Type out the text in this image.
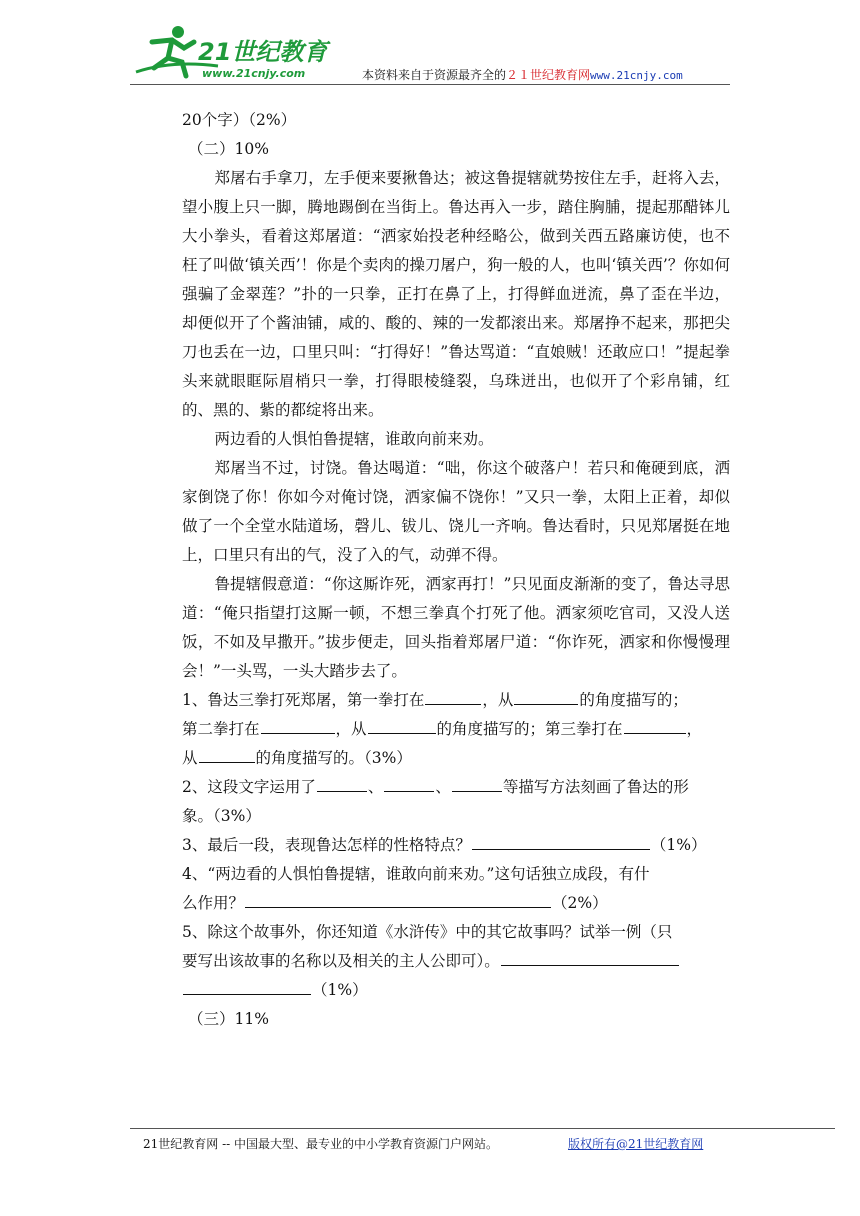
21世纪教育
www.21cnjy.com	本资料来自于资源最齐全的２１世纪教育网www.21cnjy.com
20个字）（2%）
（二）10%
郑屠右手拿刀，左手便来要揪鲁达；被这鲁提辖就势按住左手，赶将入去，望小腹上只一脚，腾地踢倒在当街上。鲁达再入一步，踏住胸脯，提起那醋钵儿大小拳头，看着这郑屠道：“洒家始投老种经略公，做到关西五路廉访使，也不枉了叫做‘镇关西’！你是个卖肉的操刀屠户，狗一般的人，也叫‘镇关西’？你如何强骗了金翠莲？”扑的一只拳，正打在鼻了上，打得鲜血迸流，鼻了歪在半边，却便似开了个酱油铺，咸的、酸的、辣的一发都滚出来。郑屠挣不起来，那把尖刀也丢在一边，口里只叫：“打得好！”鲁达骂道：“直娘贼！还敢应口！”提起拳头来就眼眶际眉梢只一拳，打得眼棱缝裂，乌珠迸出，也似开了个彩帛铺，红的、黑的、紫的都绽将出来。
两边看的人惧怕鲁提辖，谁敢向前来劝。
郑屠当不过，讨饶。鲁达喝道：“咄，你这个破落户！若只和俺硬到底，洒家倒饶了你！你如今对俺讨饶，洒家偏不饶你！”又只一拳，太阳上正着，却似做了一个全堂水陆道场，磬儿、钹儿、饶儿一齐响。鲁达看时，只见郑屠挺在地上，口里只有出的气，没了入的气，动弹不得。
鲁提辖假意道：“你这厮诈死，洒家再打！”只见面皮渐渐的变了，鲁达寻思道：“俺只指望打这厮一顿，不想三拳真个打死了他。洒家须吃官司，又没人送饭，不如及早撒开。”拔步便走，回头指着郑屠尸道：“你诈死，洒家和你慢慢理会！”一头骂，一头大踏步去了。
1、鲁达三拳打死郑屠，第一拳打在	，从	的角度描写的；
第二拳打在	，从	的角度描写的；第三拳打在	，
从	的角度描写的。（3%）
2、这段文字运用了	、	、	等描写方法刻画了鲁达的形
象。（3%）
3、最后一段，表现鲁达怎样的性格特点？	（1%）
4、“两边看的人惧怕鲁提辖，谁敢向前来劝。”这句话独立成段，有什
么作用？	（2%）
5、除这个故事外，你还知道《水浒传》中的其它故事吗？试举一例（只
要写出该故事的名称以及相关的主人公即可）。
（1%）
（三）11%
21世纪教育网 -- 中国最大型、最专业的中小学教育资源门户网站。	版权所有@21世纪教育网
